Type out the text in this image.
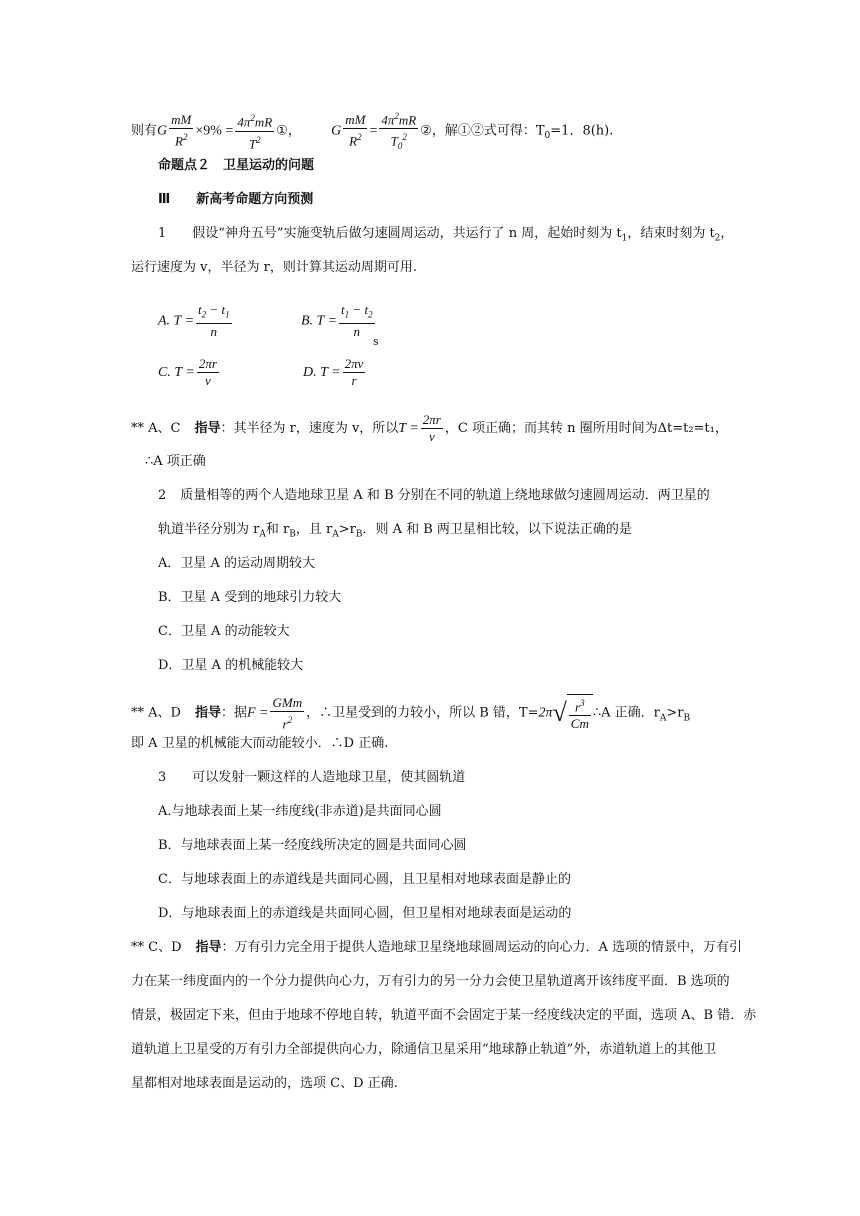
则有G $\frac{mM}{R^2} \times 9\% = \frac{4\pi^2mR}{T^2}$ ①， G $\frac{mM}{R^2} = \frac{4\pi^2mR}{T_0^2}$ ②，解①②式可得：$T_0=1$．8(h).
命题点２　卫星运动的问题
Ⅲ　　新高考命题方向预测
1 假设“神舟五号”实施变轨后做匀速圆周运动，共运行了 n 周，起始时刻为 $t_1$，结束时刻为 $t_2$，
运行速度为 v，半径为 r，则计算其运动周期可用.
A. $T = \frac{t_2 - t_1}{n}$	B. $T = \frac{t_1 - t_2}{n}$
s
C. $T = \frac{2\pi r}{v}$	D. $T = \frac{2\pi v}{r}$
** A、C 指导：其半径为 r，速度为 v，所以$T = \frac{2\pi r}{v}$ ，C 项正确；而其转 n 圈所用时间为Δt=t₂=t₁，
∴A 项正确
2 质量相等的两个人造地球卫星 A 和 B 分别在不同的轨道上绕地球做匀速圆周运动．两卫星的
轨道半径分别为 $r_A$和 $r_B$，且 $r_A>r_B$．则 A 和 B 两卫星相比较，以下说法正确的是
A．卫星 A 的运动周期较大
B．卫星 A 受到的地球引力较大
C．卫星 A 的动能较大
D．卫星 A 的机械能较大
** A、D 指导：据$F = \frac{\text{GMm}}{r^2}$ ，∴卫星受到的力较小，所以 B 错，$T=2\pi√ \frac{r^3}{Cm}$ ∴A 正确．$r_A>r_B$
即 A 卫星的机械能大而动能较小．∴D 正确.
3 可以发射一颗这样的人造地球卫星，使其圆轨道
A.与地球表面上某一纬度线(非赤道)是共面同心圆
B．与地球表面上某一经度线所决定的圆是共面同心圆
C．与地球表面上的赤道线是共面同心圆，且卫星相对地球表面是静止的
D．与地球表面上的赤道线是共面同心圆，但卫星相对地球表面是运动的
** C、D 指导：万有引力完全用于提供人造地球卫星绕地球圆周运动的向心力．A 选项的情景中，万有引
力在某一纬度面内的一个分力提供向心力，万有引力的另一分力会使卫星轨道离开该纬度平面．B 选项的
情景，极固定下来，但由于地球不停地自转，轨道平面不会固定于某一经度线决定的平面，选项 A、B 错．赤
道轨道上卫星受的万有引力全部提供向心力，除通信卫星采用“地球静止轨道”外，赤道轨道上的其他卫
星都相对地球表面是运动的，选项 C、D 正确.
